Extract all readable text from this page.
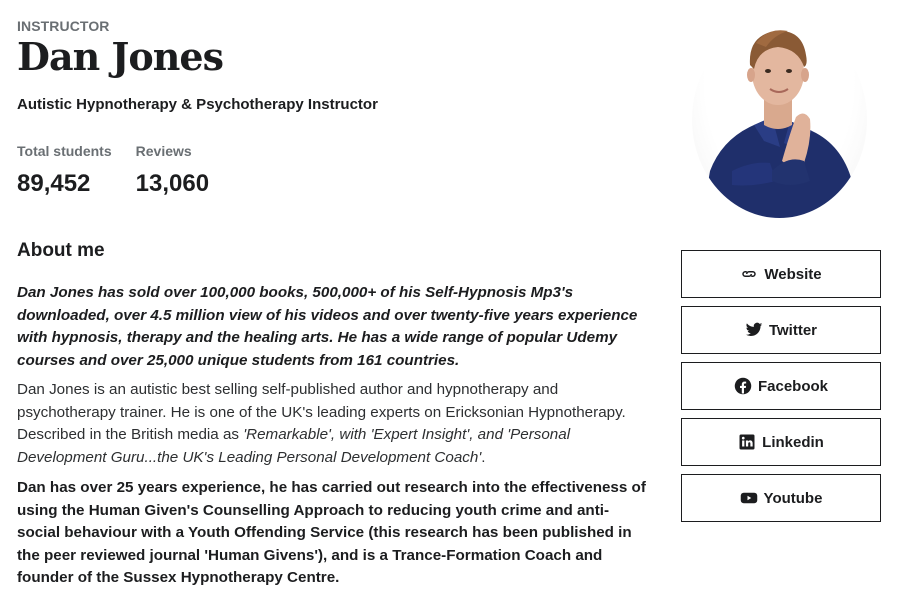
INSTRUCTOR
Dan Jones
Autistic Hypnotherapy & Psychotherapy Instructor
Total students
89,452
Reviews
13,060
About me

Dan Jones has sold over 100,000 books, 500,000+ of his Self-Hypnosis Mp3's downloaded, over 4.5 million view of his videos and over twenty-five years experience with hypnosis, therapy and the healing arts. He has a wide range of popular Udemy courses and over 25,000 unique students from 161 countries.

Dan Jones is an autistic best selling self-published author and hypnotherapy and psychotherapy trainer. He is one of the UK's leading experts on Ericksonian Hypnotherapy. Described in the British media as 'Remarkable', with 'Expert Insight', and 'Personal Development Guru...the UK's Leading Personal Development Coach'.

Dan has over 25 years experience, he has carried out research into the effectiveness of using the Human Given's Counselling Approach to reducing youth crime and anti-social behaviour with a Youth Offending Service (this research has been published in the peer reviewed journal 'Human Givens'), and is a Trance-Formation Coach and founder of the Sussex Hypnotherapy Centre.

Website
Twitter
Facebook
Linkedin
Youtube
